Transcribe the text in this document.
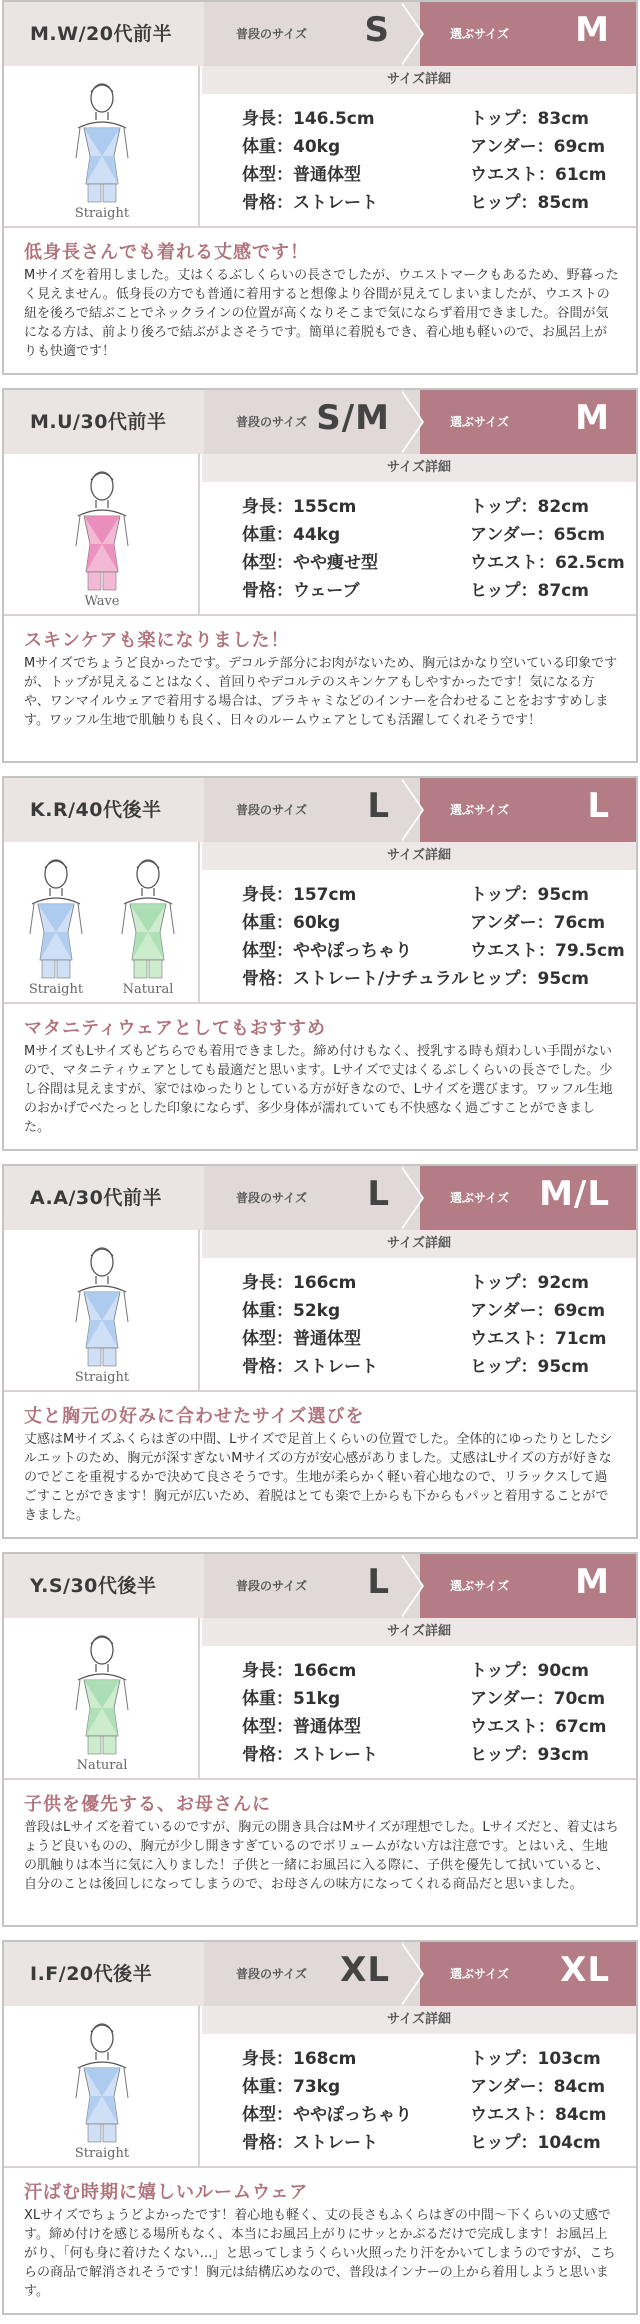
M.W/20代前半	普段のサイズ S	選ぶサイズ M
Straight
サイズ詳細
身長：146.5cm
体重：40kg
体型：普通体型
骨格：ストレート
トップ：83cm
アンダー：69cm
ウエスト：61cm
ヒップ：85cm
低身長さんでも着れる丈感です！
Mサイズを着用しました。丈はくるぶしくらいの長さでしたが、ウエストマークもあるため、野暮ったく見えません。低身長の方でも普通に着用すると想像より谷間が見えてしまいましたが、ウエストの紐を後ろで結ぶことでネックラインの位置が高くなりそこまで気にならず着用できました。谷間が気になる方は、前より後ろで結ぶがよさそうです。簡単に着脱もでき、着心地も軽いので、お風呂上がりも快適です！
M.U/30代前半	普段のサイズ S/M	選ぶサイズ M
Wave
サイズ詳細
身長：155cm
体重：44kg
体型：やや痩せ型
骨格：ウェーブ
トップ：82cm
アンダー：65cm
ウエスト：62.5cm
ヒップ：87cm
スキンケアも楽になりました！
Mサイズでちょうど良かったです。デコルテ部分にお肉がないため、胸元はかなり空いている印象ですが、トップが見えることはなく、首回りやデコルテのスキンケアもしやすかったです！気になる方や、ワンマイルウェアで着用する場合は、ブラキャミなどのインナーを合わせることをおすすめします。ワッフル生地で肌触りも良く、日々のルームウェアとしても活躍してくれそうです！
K.R/40代後半	普段のサイズ L	選ぶサイズ L
Straight	Natural
サイズ詳細
身長：157cm
体重：60kg
体型：ややぽっちゃり
骨格：ストレート/ナチュラル
トップ：95cm
アンダー：76cm
ウエスト：79.5cm
ヒップ：95cm
マタニティウェアとしてもおすすめ
MサイズもLサイズもどちらでも着用できました。締め付けもなく、授乳する時も煩わしい手間がないので、マタニティウェアとしても最適だと思います。Lサイズで丈はくるぶしくらいの長さでした。少し谷間は見えますが、家ではゆったりとしている方が好きなので、Lサイズを選びます。ワッフル生地のおかげでベたっとした印象にならず、多少身体が濡れていても不快感なく過ごすことができました。
A.A/30代前半	普段のサイズ L	選ぶサイズ M/L
Straight
サイズ詳細
身長：166cm
体重：52kg
体型：普通体型
骨格：ストレート
トップ：92cm
アンダー：69cm
ウエスト：71cm
ヒップ：95cm
丈と胸元の好みに合わせたサイズ選びを
丈感はMサイズふくらはぎの中間、Lサイズで足首上くらいの位置でした。全体的にゆったりとしたシルエットのため、胸元が深すぎないMサイズの方が安心感がありました。丈感はLサイズの方が好きなのでどこを重視するかで決めて良さそうです。生地が柔らかく軽い着心地なので、リラックスして過ごすことができます！胸元が広いため、着脱はとても楽で上からも下からもパッと着用することができました。
Y.S/30代後半	普段のサイズ L	選ぶサイズ M
Natural
サイズ詳細
身長：166cm
体重：51kg
体型：普通体型
骨格：ストレート
トップ：90cm
アンダー：70cm
ウエスト：67cm
ヒップ：93cm
子供を優先する、お母さんに
普段はLサイズを着ているのですが、胸元の開き具合はMサイズが理想でした。Lサイズだと、着丈はちょうど良いものの、胸元が少し開きすぎているのでボリュームがない方は注意です。とはいえ、生地の肌触りは本当に気に入りました！子供と一緒にお風呂に入る際に、子供を優先して拭いていると、自分のことは後回しになってしまうので、お母さんの味方になってくれる商品だと思いました。
I.F/20代後半	普段のサイズ XL	選ぶサイズ XL
Straight
サイズ詳細
身長：168cm
体重：73kg
体型：ややぽっちゃり
骨格：ストレート
トップ：103cm
アンダー：84cm
ウエスト：84cm
ヒップ：104cm
汗ばむ時期に嬉しいルームウェア
XLサイズでちょうどよかったです！着心地も軽く、丈の長さもふくらはぎの中間〜下くらいの丈感です。締め付けを感じる場所もなく、本当にお風呂上がりにサッとかぶるだけで完成します！お風呂上がり、「何も身に着けたくない…」と思ってしまうくらい火照ったり汗をかいてしまうのですが、こちらの商品で解消されそうです！胸元は結構広めなので、普段はインナーの上から着用しようと思います。
